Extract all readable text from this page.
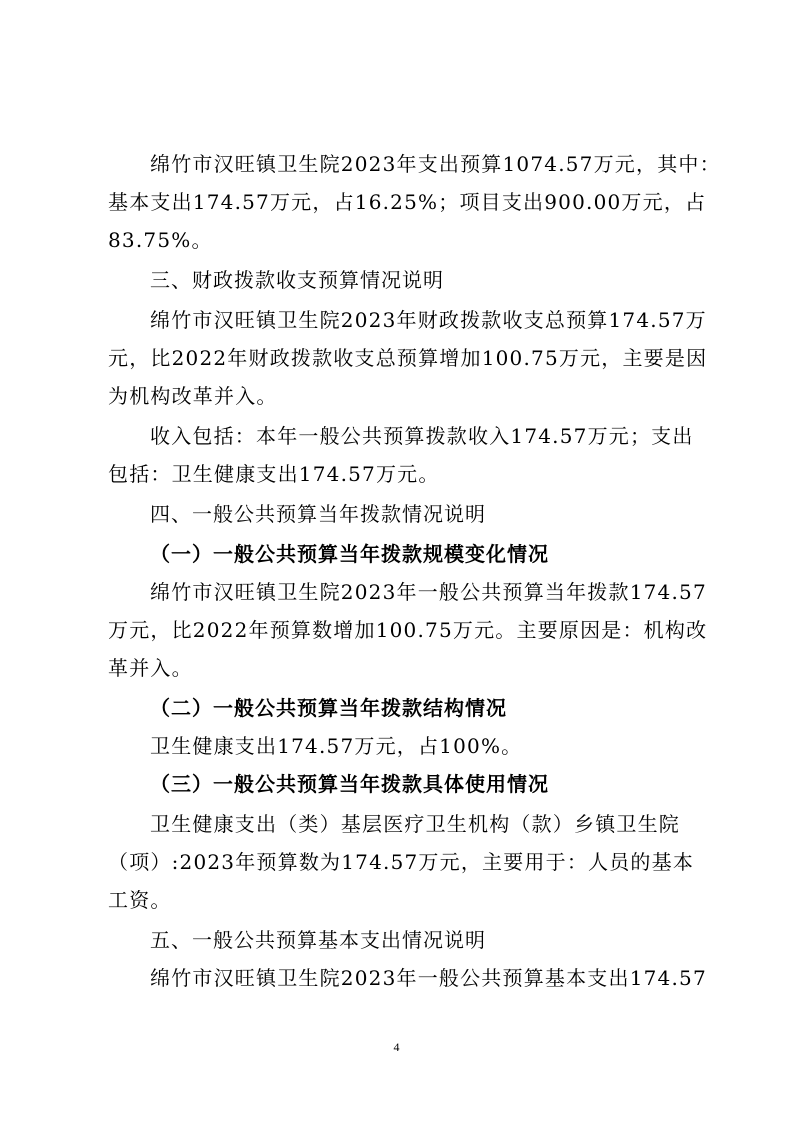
绵竹市汉旺镇卫生院2023年支出预算1074.57万元，其中：
基本支出174.57万元，占16.25%；项目支出900.00万元，占
83.75%。
三、财政拨款收支预算情况说明
绵竹市汉旺镇卫生院2023年财政拨款收支总预算174.57万
元，比2022年财政拨款收支总预算增加100.75万元，主要是因
为机构改革并入。
收入包括：本年一般公共预算拨款收入174.57万元；支出
包括：卫生健康支出174.57万元。
四、一般公共预算当年拨款情况说明
（一）一般公共预算当年拨款规模变化情况
绵竹市汉旺镇卫生院2023年一般公共预算当年拨款174.57
万元，比2022年预算数增加100.75万元。主要原因是：机构改
革并入。
（二）一般公共预算当年拨款结构情况
卫生健康支出174.57万元，占100%。
（三）一般公共预算当年拨款具体使用情况
卫生健康支出（类）基层医疗卫生机构（款）乡镇卫生院
（项）:2023年预算数为174.57万元，主要用于：人员的基本
工资。
五、一般公共预算基本支出情况说明
绵竹市汉旺镇卫生院2023年一般公共预算基本支出174.57
4
